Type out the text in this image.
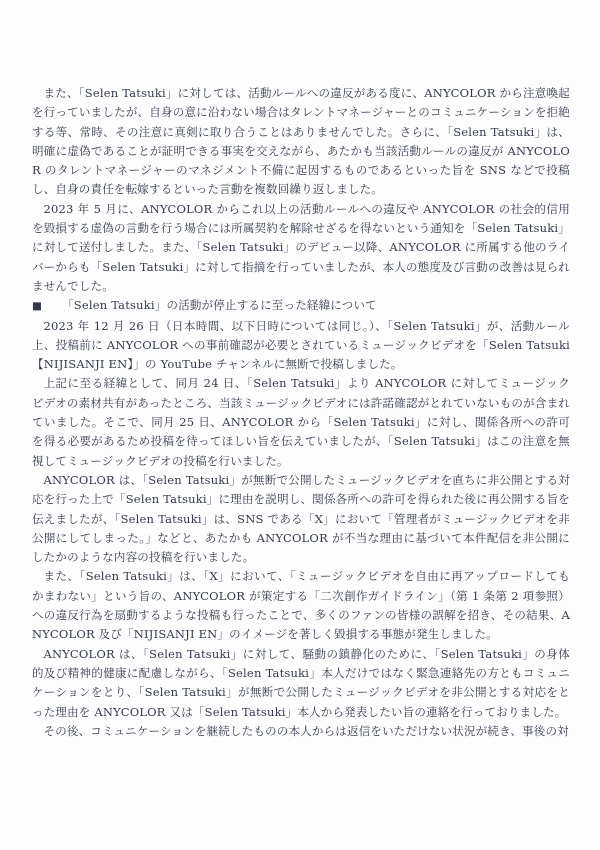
また、「Selen Tatsuki」に対しては、活動ルールへの違反がある度に、ANYCOLOR から注意喚起を行っていましたが、自身の意に沿わない場合はタレントマネージャーとのコミュニケーションを拒絶する等、常時、その注意に真剣に取り合うことはありませんでした。さらに、「Selen Tatsuki」は、明確に虚偽であることが証明できる事実を交えながら、あたかも当該活動ルールの違反が ANYCOLOR のタレントマネージャーのマネジメント不備に起因するものであるといった旨を SNS などで投稿し、自身の責任を転嫁するといった言動を複数回繰り返しました。

2023 年 5 月に、ANYCOLOR からこれ以上の活動ルールへの違反や ANYCOLOR の社会的信用を毀損する虚偽の言動を行う場合には所属契約を解除せざるを得ないという通知を「Selen Tatsuki」に対して送付しました。また、「Selen Tatsuki」のデビュー以降、ANYCOLOR に所属する他のライバーからも「Selen Tatsuki」に対して指摘を行っていましたが、本人の態度及び言動の改善は見られませんでした。

■ 「Selen Tatsuki」の活動が停止するに至った経緯について

2023 年 12 月 26 日（日本時間、以下日時については同じ。）、「Selen Tatsuki」が、活動ルール上、投稿前に ANYCOLOR への事前確認が必要とされているミュージックビデオを「Selen Tatsuki【NIJISANJI EN】」の YouTube チャンネルに無断で投稿しました。

上記に至る経緯として、同月 24 日、「Selen Tatsuki」より ANYCOLOR に対してミュージックビデオの素材共有があったところ、当該ミュージックビデオには許諾確認がとれていないものが含まれていました。そこで、同月 25 日、ANYCOLOR から「Selen Tatsuki」に対し、関係各所への許可を得る必要があるため投稿を待ってほしい旨を伝えていましたが、「Selen Tatsuki」はこの注意を無視してミュージックビデオの投稿を行いました。

ANYCOLOR は、「Selen Tatsuki」が無断で公開したミュージックビデオを直ちに非公開とする対応を行った上で「Selen Tatsuki」に理由を説明し、関係各所への許可を得られた後に再公開する旨を伝えましたが、「Selen Tatsuki」は、SNS である「X」において「管理者がミュージックビデオを非公開にしてしまった。」などと、あたかも ANYCOLOR が不当な理由に基づいて本件配信を非公開にしたかのような内容の投稿を行いました。

また、「Selen Tatsuki」は、「X」において、「ミュージックビデオを自由に再アップロードしてもかまわない」という旨の、ANYCOLOR が策定する「二次創作ガイドライン」（第 1 条第 2 項参照）への違反行為を扇動するような投稿も行ったことで、多くのファンの皆様の誤解を招き、その結果、ANYCOLOR 及び「NIJISANJI EN」のイメージを著しく毀損する事態が発生しました。

ANYCOLOR は、「Selen Tatsuki」に対して、騒動の鎮静化のために、「Selen Tatsuki」の身体的及び精神的健康に配慮しながら、「Selen Tatsuki」本人だけではなく緊急連絡先の方ともコミュニケーションをとり、「Selen Tatsuki」が無断で公開したミュージックビデオを非公開とする対応をとった理由を ANYCOLOR 又は「Selen Tatsuki」本人から発表したい旨の連絡を行っておりました。

その後、コミュニケーションを継続したものの本人からは返信をいただけない状況が続き、事後の対
